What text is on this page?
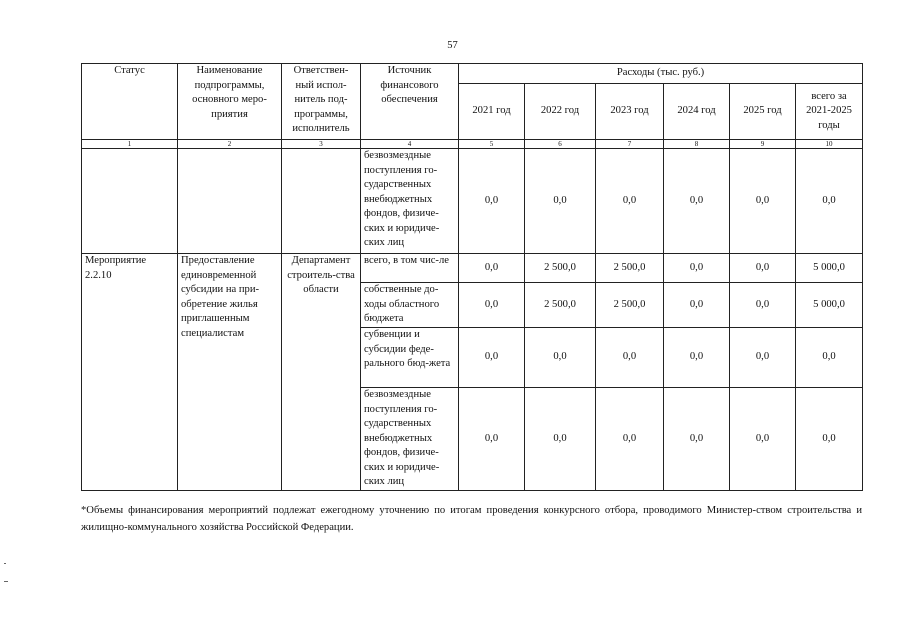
57
Статус	Наименование подпрограммы, основного меро-приятия	Ответствен-ный испол-нитель под-программы, исполнитель	Источник финансового обеспечения	Расходы (тыс. руб.)					
				2021 год	2022 год	2023 год	2024 год	2025 год	всего за 2021-2025 годы
1	2	3	4	5	6	7	8	9	10
			безвозмездные поступления го-сударственных внебюджетных фондов, физиче-ских и юридиче-ских лиц	0,0	0,0	0,0	0,0	0,0	0,0
Мероприятие 2.2.10	Предоставление единовременной субсидии на при-обретение жилья приглашенным специалистам	Департамент строитель-ства области	всего, в том чис-ле	0,0	2 500,0	2 500,0	0,0	0,0	5 000,0
			собственные до-ходы областного бюджета	0,0	2 500,0	2 500,0	0,0	0,0	5 000,0
			субвенции и субсидии феде-рального бюд-жета	0,0	0,0	0,0	0,0	0,0	0,0
			безвозмездные поступления го-сударственных внебюджетных фондов, физиче-ских и юридиче-ских лиц	0,0	0,0	0,0	0,0	0,0	0,0
*Объемы финансирования мероприятий подлежат ежегодному уточнению по итогам проведения конкурсного отбора, проводимого Министер-ством строительства и жилищно-коммунального хозяйства Российской Федерации.
